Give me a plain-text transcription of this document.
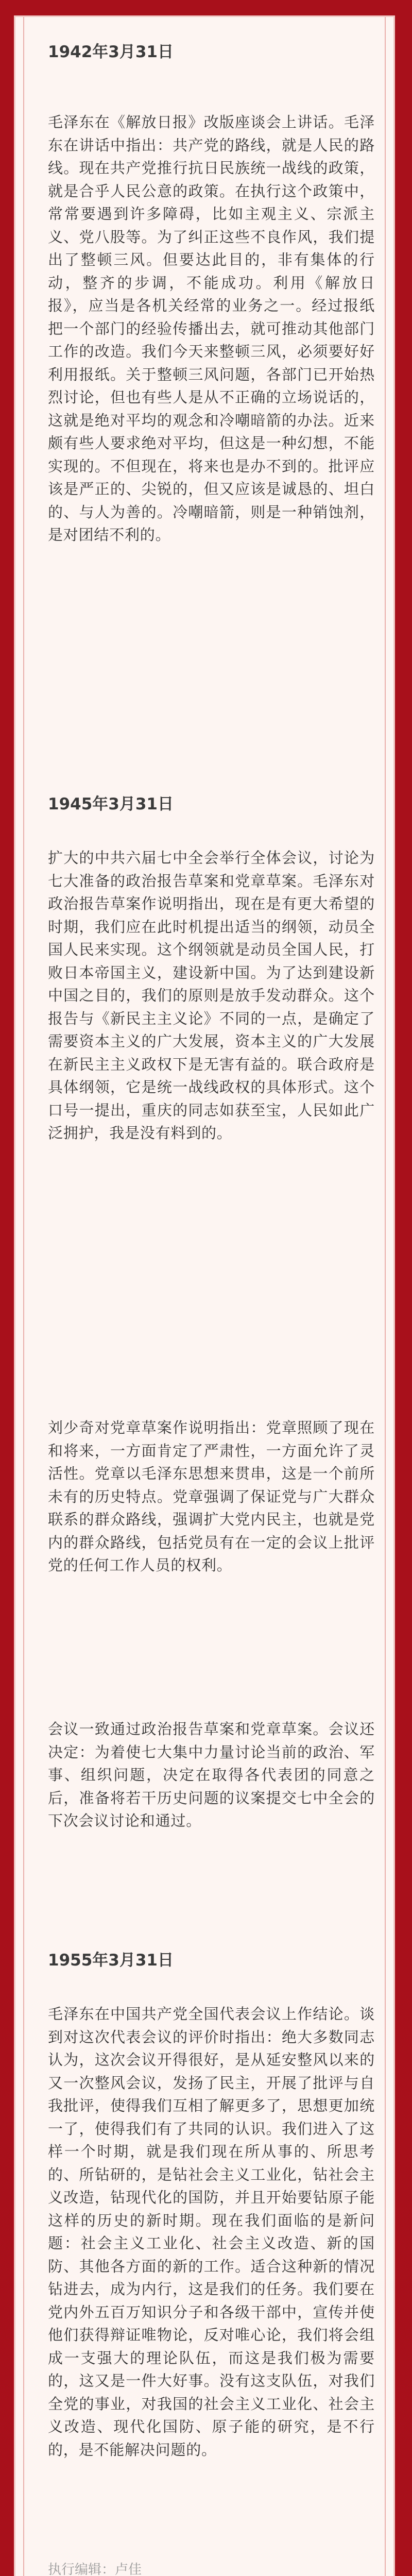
1942年3月31日

毛泽东在《解放日报》改版座谈会上讲话。毛泽东在讲话中指出：共产党的路线，就是人民的路线。现在共产党推行抗日民族统一战线的政策，就是合乎人民公意的政策。在执行这个政策中，常常要遇到许多障碍，比如主观主义、宗派主义、党八股等。为了纠正这些不良作风，我们提出了整顿三风。但要达此目的，非有集体的行动，整齐的步调，不能成功。利用《解放日报》，应当是各机关经常的业务之一。经过报纸把一个部门的经验传播出去，就可推动其他部门工作的改造。我们今天来整顿三风，必须要好好利用报纸。关于整顿三风问题，各部门已开始热烈讨论，但也有些人是从不正确的立场说话的，这就是绝对平均的观念和冷嘲暗箭的办法。近来颇有些人要求绝对平均，但这是一种幻想，不能实现的。不但现在，将来也是办不到的。批评应该是严正的、尖锐的，但又应该是诚恳的、坦白的、与人为善的。冷嘲暗箭，则是一种销蚀剂，是对团结不利的。

1945年3月31日

扩大的中共六届七中全会举行全体会议，讨论为七大准备的政治报告草案和党章草案。毛泽东对政治报告草案作说明指出，现在是有更大希望的时期，我们应在此时机提出适当的纲领，动员全国人民来实现。这个纲领就是动员全国人民，打败日本帝国主义，建设新中国。为了达到建设新中国之目的，我们的原则是放手发动群众。这个报告与《新民主主义论》不同的一点，是确定了需要资本主义的广大发展，资本主义的广大发展在新民主主义政权下是无害有益的。联合政府是具体纲领，它是统一战线政权的具体形式。这个口号一提出，重庆的同志如获至宝，人民如此广泛拥护，我是没有料到的。

刘少奇对党章草案作说明指出：党章照顾了现在和将来，一方面肯定了严肃性，一方面允许了灵活性。党章以毛泽东思想来贯串，这是一个前所未有的历史特点。党章强调了保证党与广大群众联系的群众路线，强调扩大党内民主，也就是党内的群众路线，包括党员有在一定的会议上批评党的任何工作人员的权利。

会议一致通过政治报告草案和党章草案。会议还决定：为着使七大集中力量讨论当前的政治、军事、组织问题，决定在取得各代表团的同意之后，准备将若干历史问题的议案提交七中全会的下次会议讨论和通过。

1955年3月31日

毛泽东在中国共产党全国代表会议上作结论。谈到对这次代表会议的评价时指出：绝大多数同志认为，这次会议开得很好，是从延安整风以来的又一次整风会议，发扬了民主，开展了批评与自我批评，使得我们互相了解更多了，思想更加统一了，使得我们有了共同的认识。我们进入了这样一个时期，就是我们现在所从事的、所思考的、所钻研的，是钻社会主义工业化，钻社会主义改造，钻现代化的国防，并且开始要钻原子能这样的历史的新时期。现在我们面临的是新问题：社会主义工业化、社会主义改造、新的国防、其他各方面的新的工作。适合这种新的情况钻进去，成为内行，这是我们的任务。我们要在党内外五百万知识分子和各级干部中，宣传并使他们获得辩证唯物论，反对唯心论，我们将会组成一支强大的理论队伍，而这是我们极为需要的，这又是一件大好事。没有这支队伍，对我们全党的事业，对我国的社会主义工业化、社会主义改造、现代化国防、原子能的研究，是不行的，是不能解决问题的。

执行编辑：卢佳
